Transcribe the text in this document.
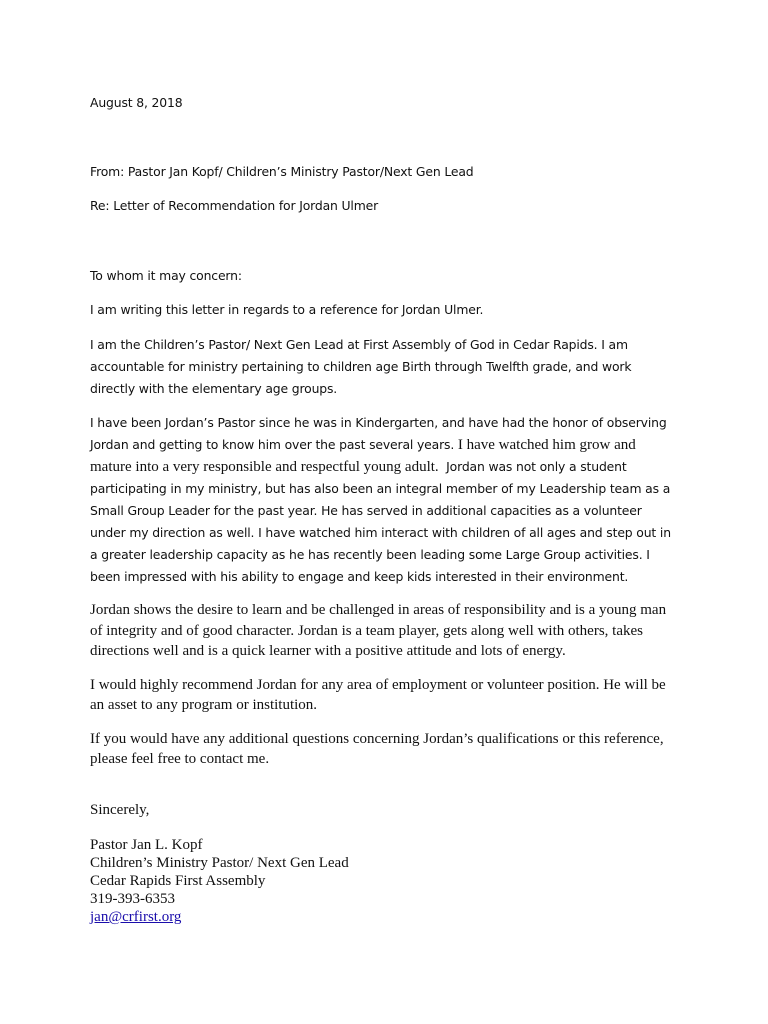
August 8, 2018

From: Pastor Jan Kopf/ Children’s Ministry Pastor/Next Gen Lead

Re: Letter of Recommendation for Jordan Ulmer

To whom it may concern:

I am writing this letter in regards to a reference for Jordan Ulmer.

I am the Children’s Pastor/ Next Gen Lead at First Assembly of God in Cedar Rapids. I am

accountable for ministry pertaining to children age Birth through Twelfth grade, and work

directly with the elementary age groups.

I have been Jordan’s Pastor since he was in Kindergarten, and have had the honor of observing

Jordan and getting to know him over the past several years. I have watched him grow and

mature into a very responsible and respectful young adult.  Jordan was not only a student

participating in my ministry, but has also been an integral member of my Leadership team as a

Small Group Leader for the past year. He has served in additional capacities as a volunteer

under my direction as well. I have watched him interact with children of all ages and step out in

a greater leadership capacity as he has recently been leading some Large Group activities. I

been impressed with his ability to engage and keep kids interested in their environment.

Jordan shows the desire to learn and be challenged in areas of responsibility and is a young man

of integrity and of good character. Jordan is a team player, gets along well with others, takes

directions well and is a quick learner with a positive attitude and lots of energy.

I would highly recommend Jordan for any area of employment or volunteer position. He will be

an asset to any program or institution.

If you would have any additional questions concerning Jordan’s qualifications or this reference,

please feel free to contact me.

Sincerely,

Pastor Jan L. Kopf

Children’s Ministry Pastor/ Next Gen Lead

Cedar Rapids First Assembly

319-393-6353

jan@crfirst.org
